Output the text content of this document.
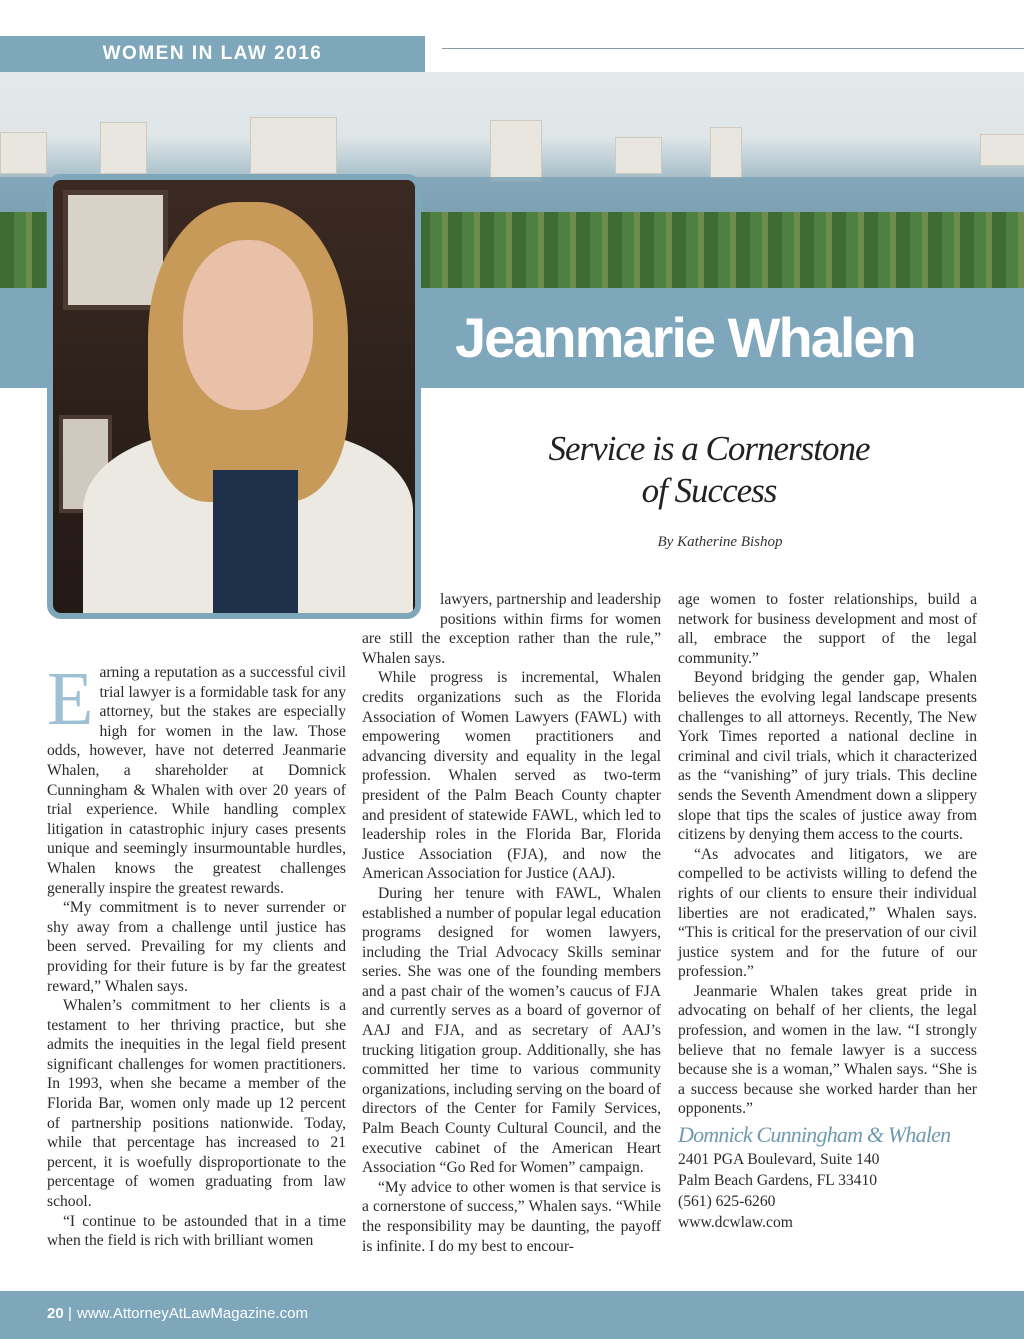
WOMEN IN LAW 2016
Jeanmarie Whalen
Service is a Cornerstone
of Success
By Katherine Bishop

Earning a reputation as a successful civil trial lawyer is a formidable task for any attorney, but the stakes are especially high for women in the law. Those odds, however, have not deterred Jeanmarie Whalen, a shareholder at Domnick Cunningham & Whalen with over 20 years of trial experience. While handling complex litigation in catastrophic injury cases presents unique and seemingly insurmountable hurdles, Whalen knows the greatest challenges generally inspire the greatest rewards.

“My commitment is to never surrender or shy away from a challenge until justice has been served. Prevailing for my clients and providing for their future is by far the greatest reward,” Whalen says.

Whalen’s commitment to her clients is a testament to her thriving practice, but she admits the inequities in the legal field present significant challenges for women practitioners. In 1993, when she became a member of the Florida Bar, women only made up 12 percent of partnership positions nationwide. Today, while that percentage has increased to 21 percent, it is woefully disproportionate to the percentage of women graduating from law school.

“I continue to be astounded that in a time when the field is rich with brilliant women

lawyers, partnership and leadership positions within firms for women are still the exception rather than the rule,” Whalen says.

While progress is incremental, Whalen credits organizations such as the Florida Association of Women Lawyers (FAWL) with empowering women practitioners and advancing diversity and equality in the legal profession. Whalen served as two-term president of the Palm Beach County chapter and president of statewide FAWL, which led to leadership roles in the Florida Bar, Florida Justice Association (FJA), and now the American Association for Justice (AAJ).

During her tenure with FAWL, Whalen established a number of popular legal education programs designed for women lawyers, including the Trial Advocacy Skills seminar series. She was one of the founding members and a past chair of the women’s caucus of FJA and currently serves as a board of governor of AAJ and FJA, and as secretary of AAJ’s trucking litigation group. Additionally, she has committed her time to various community organizations, including serving on the board of directors of the Center for Family Services, Palm Beach County Cultural Council, and the executive cabinet of the American Heart Association “Go Red for Women” campaign.

“My advice to other women is that service is a cornerstone of success,” Whalen says. “While the responsibility may be daunting, the payoff is infinite. I do my best to encour-

age women to foster relationships, build a network for business development and most of all, embrace the support of the legal community.”

Beyond bridging the gender gap, Whalen believes the evolving legal landscape presents challenges to all attorneys. Recently, The New York Times reported a national decline in criminal and civil trials, which it characterized as the “vanishing” of jury trials. This decline sends the Seventh Amendment down a slippery slope that tips the scales of justice away from citizens by denying them access to the courts.

“As advocates and litigators, we are compelled to be activists willing to defend the rights of our clients to ensure their individual liberties are not eradicated,” Whalen says. “This is critical for the preservation of our civil justice system and for the future of our profession.”

Jeanmarie Whalen takes great pride in advocating on behalf of her clients, the legal profession, and women in the law. “I strongly believe that no female lawyer is a success because she is a woman,” Whalen says. “She is a success because she worked harder than her opponents.”

Domnick Cunningham & Whalen
2401 PGA Boulevard, Suite 140
Palm Beach Gardens, FL 33410
(561) 625-6260
www.dcwlaw.com
20 | www.AttorneyAtLawMagazine.com
